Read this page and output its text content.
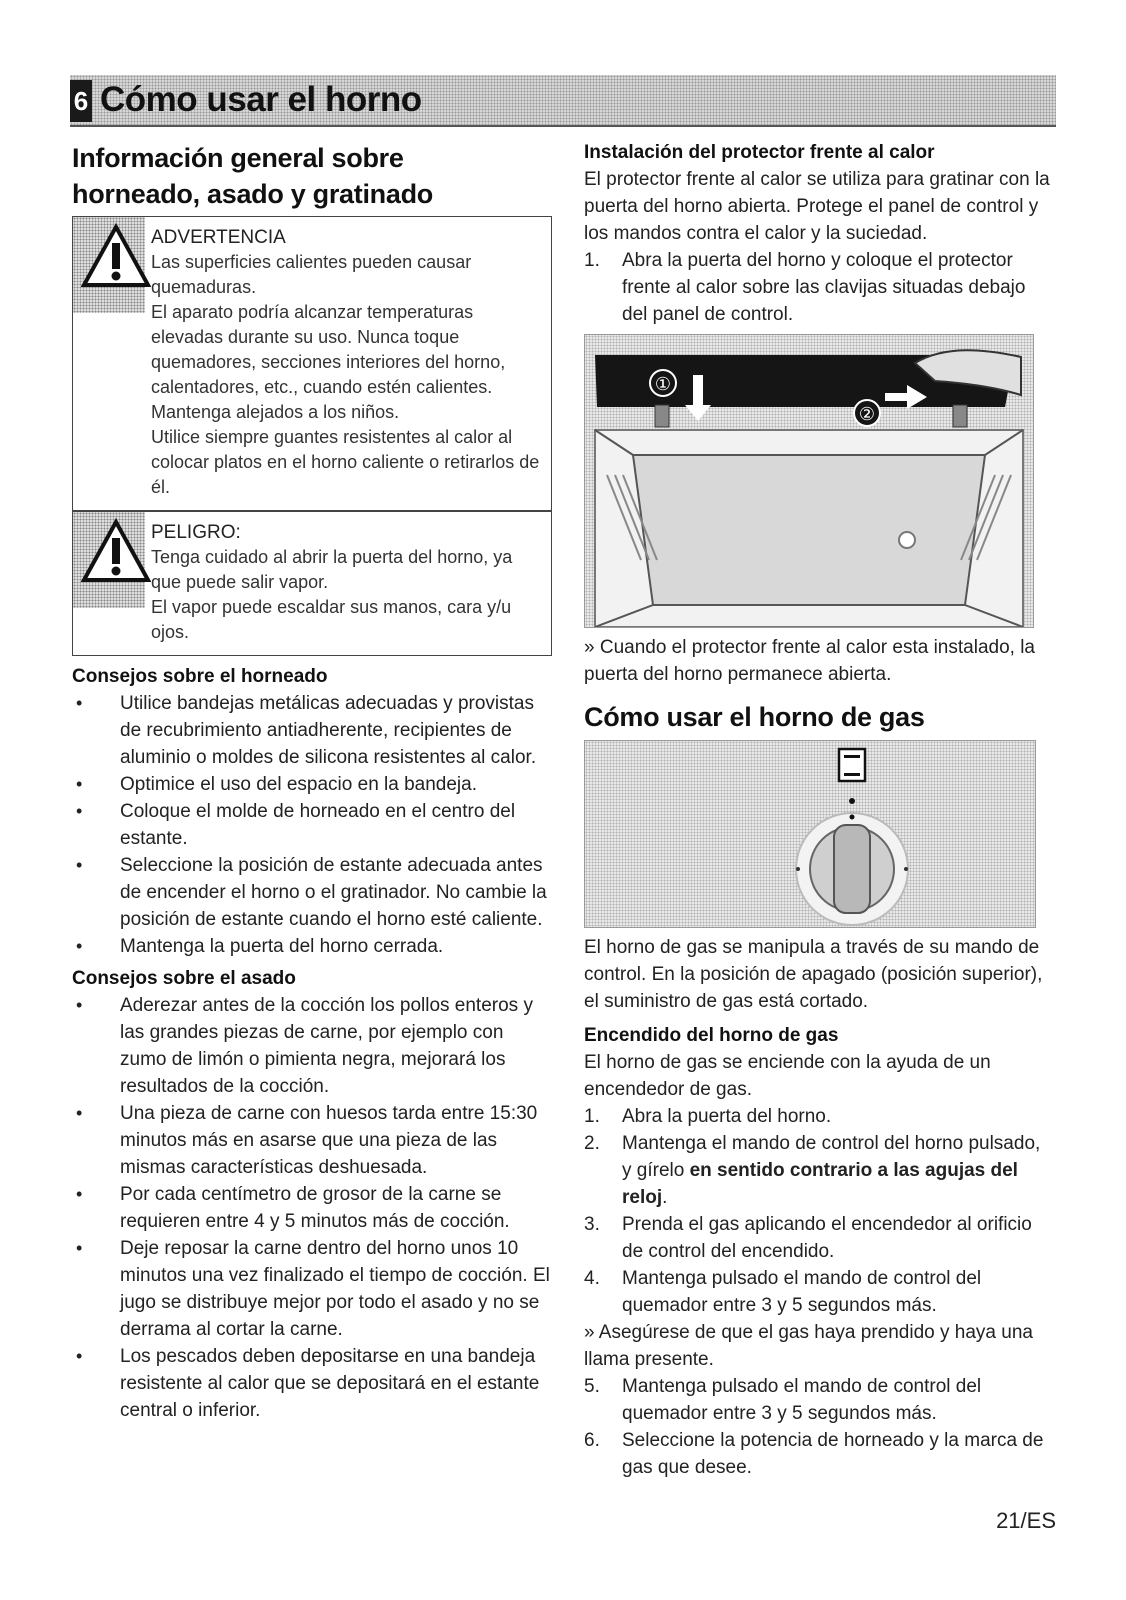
6 Cómo usar el horno
Información general sobre horneado, asado y gratinado

ADVERTENCIA

Las superficies calientes pueden causar quemaduras.

El aparato podría alcanzar temperaturas elevadas durante su uso. Nunca toque quemadores, secciones interiores del horno, calentadores, etc., cuando estén calientes. Mantenga alejados a los niños.

Utilice siempre guantes resistentes al calor al colocar platos en el horno caliente o retirarlos de él.

PELIGRO:

Tenga cuidado al abrir la puerta del horno, ya que puede salir vapor.

El vapor puede escaldar sus manos, cara y/u ojos.

Consejos sobre el horneado
• Utilice bandejas metálicas adecuadas y provistas de recubrimiento antiadherente, recipientes de aluminio o moldes de silicona resistentes al calor.
• Optimice el uso del espacio en la bandeja.
• Coloque el molde de horneado en el centro del estante.
• Seleccione la posición de estante adecuada antes de encender el horno o el gratinador. No cambie la posición de estante cuando el horno esté caliente.
• Mantenga la puerta del horno cerrada.
Consejos sobre el asado
• Aderezar antes de la cocción los pollos enteros y las grandes piezas de carne, por ejemplo con zumo de limón o pimienta negra, mejorará los resultados de la cocción.
• Una pieza de carne con huesos tarda entre 15:30 minutos más en asarse que una pieza de las mismas características deshuesada.
• Por cada centímetro de grosor de la carne se requieren entre 4 y 5 minutos más de cocción.
• Deje reposar la carne dentro del horno unos 10 minutos una vez finalizado el tiempo de cocción. El jugo se distribuye mejor por todo el asado y no se derrama al cortar la carne.
• Los pescados deben depositarse en una bandeja resistente al calor que se depositará en el estante central o inferior.
Instalación del protector frente al calor

El protector frente al calor se utiliza para gratinar con la puerta del horno abierta. Protege el panel de control y los mandos contra el calor y la suciedad.

1. Abra la puerta del horno y coloque el protector frente al calor sobre las clavijas situadas debajo del panel de control.
①
②

» Cuando el protector frente al calor esta instalado, la puerta del horno permanece abierta.

Cómo usar el horno de gas

El horno de gas se manipula a través de su mando de control. En la posición de apagado (posición superior), el suministro de gas está cortado.

Encendido del horno de gas

El horno de gas se enciende con la ayuda de un encendedor de gas.

1. Abra la puerta del horno.
2. Mantenga el mando de control del horno pulsado, y gírelo en sentido contrario a las agujas del reloj.
3. Prenda el gas aplicando el encendedor al orificio de control del encendido.
4. Mantenga pulsado el mando de control del quemador entre 3 y 5 segundos más.

» Asegúrese de que el gas haya prendido y haya una llama presente.

5. Mantenga pulsado el mando de control del quemador entre 3 y 5 segundos más.
6. Seleccione la potencia de horneado y la marca de gas que desee.
21/ES
